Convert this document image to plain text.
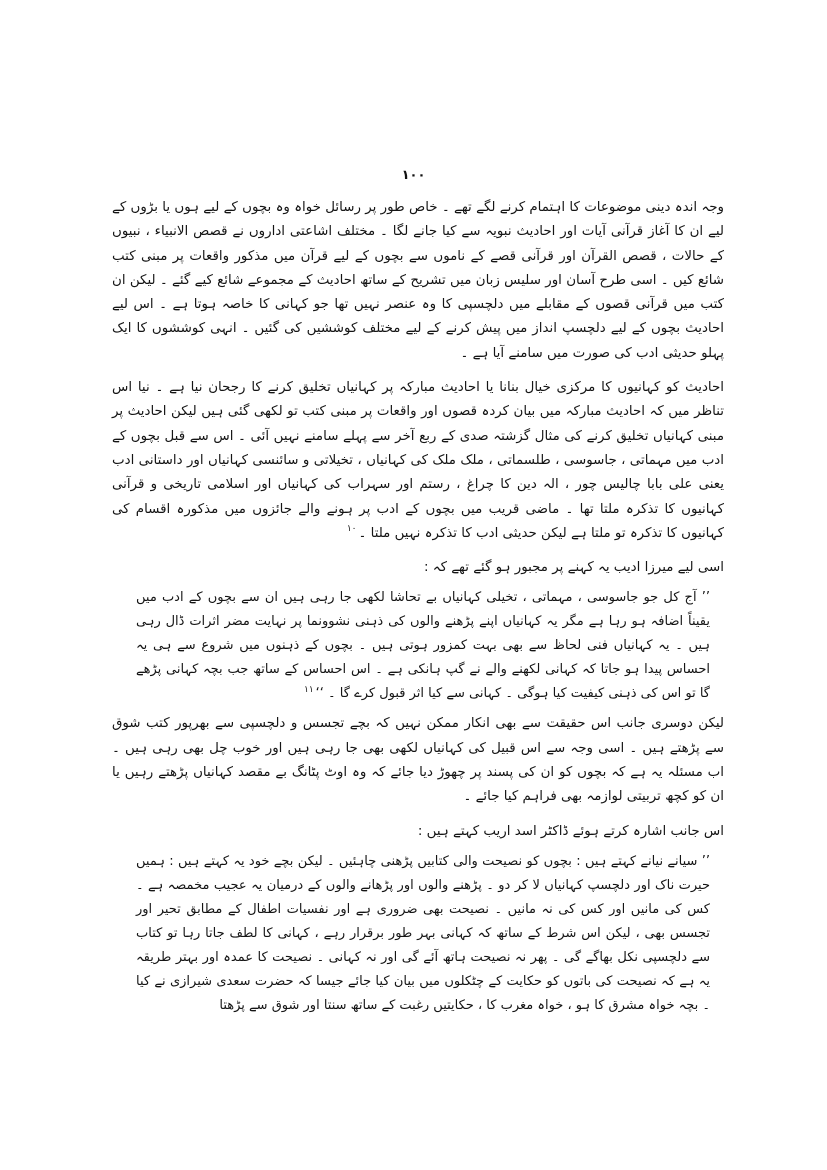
۱۰۰

وجہ اندہ دینی موضوعات کا اہتمام کرنے لگے تھے ۔ خاص طور پر رسائل خواہ وہ بچوں کے لیے ہوں یا بڑوں کے لیے ان کا آغاز قرآنی آیات اور احادیث نبویہ سے کیا جانے لگا ۔ مختلف اشاعتی اداروں نے قصص الانبیاء ، نبیوں کے حالات ، قصص القرآن اور قرآنی قصے کے ناموں سے بچوں کے لیے قرآن میں مذکور واقعات پر مبنی کتب شائع کیں ۔ اسی طرح آسان اور سلیس زبان میں تشریح کے ساتھ احادیث کے مجموعے شائع کیے گئے ۔ لیکن ان کتب میں قرآنی قصوں کے مقابلے میں دلچسپی کا وہ عنصر نہیں تھا جو کہانی کا خاصہ ہوتا ہے ۔ اس لیے احادیث بچوں کے لیے دلچسپ انداز میں پیش کرنے کے لیے مختلف کوششیں کی گئیں ۔ انہی کوششوں کا ایک پہلو حدیثی ادب کی صورت میں سامنے آیا ہے ۔

احادیث کو کہانیوں کا مرکزی خیال بنانا یا احادیث مبارکہ پر کہانیاں تخلیق کرنے کا رجحان نیا ہے ۔ نیا اس تناظر میں کہ احادیث مبارکہ میں بیان کردہ قصوں اور واقعات پر مبنی کتب تو لکھی گئی ہیں لیکن احادیث پر مبنی کہانیاں تخلیق کرنے کی مثال گزشتہ صدی کے ربع آخر سے پہلے سامنے نہیں آئی ۔ اس سے قبل بچوں کے ادب میں مہماتی ، جاسوسی ، طلسماتی ، ملک ملک کی کہانیاں ، تخیلاتی و سائنسی کہانیاں اور داستانی ادب یعنی علی بابا چالیس چور ، الہ دین کا چراغ ، رستم اور سہراب کی کہانیاں اور اسلامی تاریخی و قرآنی کہانیوں کا تذکرہ ملتا تھا ۔ ماضی قریب میں بچوں کے ادب پر ہونے والے جائزوں میں مذکورہ اقسام کی کہانیوں کا تذکرہ تو ملتا ہے لیکن حدیثی ادب کا تذکرہ نہیں ملتا ۔$^{۱۰}$

اسی لیے میرزا ادیب یہ کہنے پر مجبور ہو گئے تھے کہ :

’’ آج کل جو جاسوسی ، مہماتی ، تخیلی کہانیاں بے تحاشا لکھی جا رہی ہیں ان سے بچوں کے ادب میں یقیناً اضافہ ہو رہا ہے مگر یہ کہانیاں اپنے پڑھنے والوں کی ذہنی نشوونما پر نہایت مضر اثرات ڈال رہی ہیں ۔ یہ کہانیاں فنی لحاظ سے بھی بہت کمزور ہوتی ہیں ۔ بچوں کے ذہنوں میں شروع سے ہی یہ احساس پیدا ہو جاتا کہ کہانی لکھنے والے نے گپ ہانکی ہے ۔ اس احساس کے ساتھ جب بچہ کہانی پڑھے گا تو اس کی ذہنی کیفیت کیا ہوگی ۔ کہانی سے کیا اثر قبول کرے گا ۔ ‘‘$^{۱۱}$

لیکن دوسری جانب اس حقیقت سے بھی انکار ممکن نہیں کہ بچے تجسس و دلچسپی سے بھرپور کتب شوق سے پڑھتے ہیں ۔ اسی وجہ سے اس قبیل کی کہانیاں لکھی بھی جا رہی ہیں اور خوب چل بھی رہی ہیں ۔ اب مسئلہ یہ ہے کہ بچوں کو ان کی پسند پر چھوڑ دیا جائے کہ وہ اوٹ پٹانگ بے مقصد کہانیاں پڑھتے رہیں یا ان کو کچھ تربیتی لوازمہ بھی فراہم کیا جائے ۔

اس جانب اشارہ کرتے ہوئے ڈاکٹر اسد اریب کہتے ہیں :

’’ سیانے نیانے کہتے ہیں : بچوں کو نصیحت والی کتابیں پڑھنی چاہئیں ۔ لیکن بچے خود یہ کہتے ہیں : ہمیں حیرت ناک اور دلچسپ کہانیاں لا کر دو ۔ پڑھنے والوں اور پڑھانے والوں کے درمیان یہ عجیب مخمصہ ہے ۔ کس کی مانیں اور کس کی نہ مانیں ۔ نصیحت بھی ضروری ہے اور نفسیات اطفال کے مطابق تحیر اور تجسس بھی ، لیکن اس شرط کے ساتھ کہ کہانی بہر طور برقرار رہے ، کہانی کا لطف جاتا رہا تو کتاب سے دلچسپی نکل بھاگے گی ۔ پھر نہ نصیحت ہاتھ آئے گی اور نہ کہانی ۔ نصیحت کا عمدہ اور بہتر طریقہ یہ ہے کہ نصیحت کی باتوں کو حکایت کے چٹکلوں میں بیان کیا جائے جیسا کہ حضرت سعدی شیرازی نے کیا ۔ بچہ خواہ مشرق کا ہو ، خواہ مغرب کا ، حکایتیں رغبت کے ساتھ سنتا اور شوق سے پڑھتا
